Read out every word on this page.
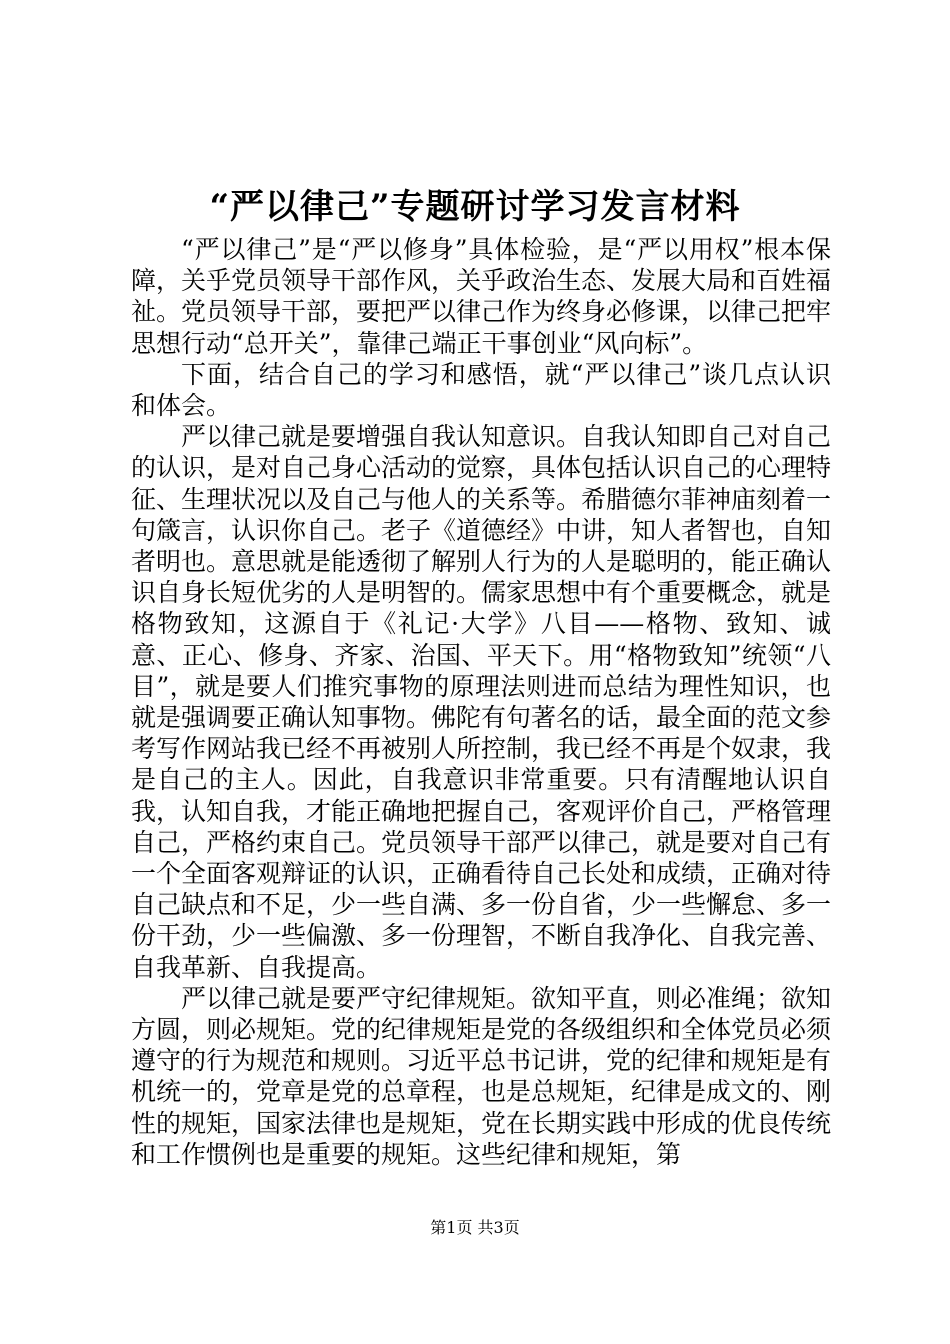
“严以律己”专题研讨学习发言材料

“严以律己”是“严以修身”具体检验，是“严以用权”根本保障，关乎党员领导干部作风，关乎政治生态、发展大局和百姓福祉。党员领导干部，要把严以律己作为终身必修课，以律己把牢思想行动“总开关”，靠律己端正干事创业“风向标”。

下面，结合自己的学习和感悟，就“严以律己”谈几点认识和体会。

严以律己就是要增强自我认知意识。自我认知即自己对自己的认识，是对自己身心活动的觉察，具体包括认识自己的心理特征、生理状况以及自己与他人的关系等。希腊德尔菲神庙刻着一句箴言，认识你自己。老子《道德经》中讲，知人者智也，自知者明也。意思就是能透彻了解别人行为的人是聪明的，能正确认识自身长短优劣的人是明智的。儒家思想中有个重要概念，就是格物致知，这源自于《礼记·大学》八目——格物、致知、诚意、正心、修身、齐家、治国、平天下。用“格物致知”统领“八目”，就是要人们推究事物的原理法则进而总结为理性知识，也就是强调要正确认知事物。佛陀有句著名的话，最全面的范文参考写作网站我已经不再被别人所控制，我已经不再是个奴隶，我是自己的主人。因此，自我意识非常重要。只有清醒地认识自我，认知自我，才能正确地把握自己，客观评价自己，严格管理自己，严格约束自己。党员领导干部严以律己，就是要对自己有一个全面客观辩证的认识，正确看待自己长处和成绩，正确对待自己缺点和不足，少一些自满、多一份自省，少一些懈怠、多一份干劲，少一些偏激、多一份理智，不断自我净化、自我完善、自我革新、自我提高。

严以律己就是要严守纪律规矩。欲知平直，则必准绳；欲知方圆，则必规矩。党的纪律规矩是党的各级组织和全体党员必须遵守的行为规范和规则。习近平总书记讲，党的纪律和规矩是有机统一的，党章是党的总章程，也是总规矩，纪律是成文的、刚性的规矩，国家法律也是规矩，党在长期实践中形成的优良传统和工作惯例也是重要的规矩。这些纪律和规矩，第

第1页 共3页
